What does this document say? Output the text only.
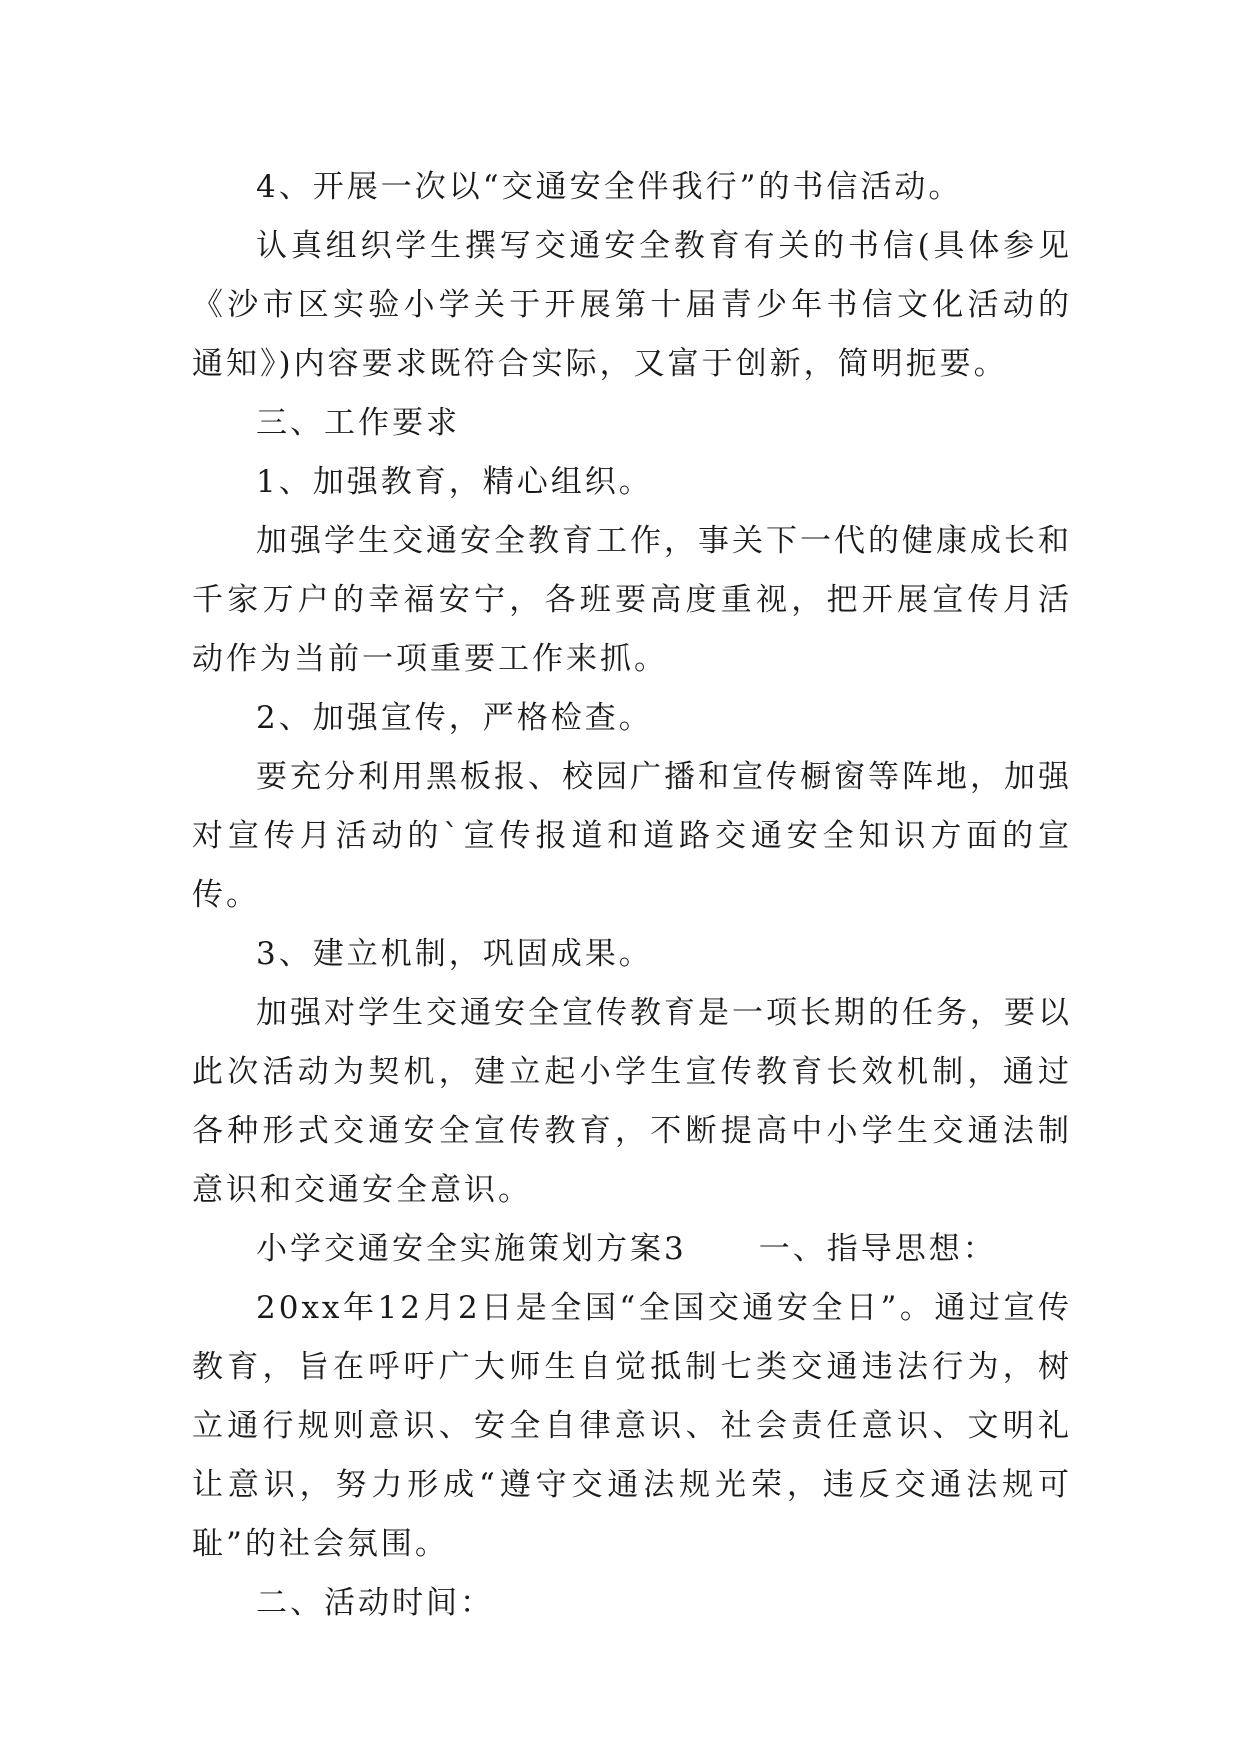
4、开展一次以“交通安全伴我行”的书信活动。

认真组织学生撰写交通安全教育有关的书信(具体参见《沙市区实验小学关于开展第十届青少年书信文化活动的通知》)内容要求既符合实际，又富于创新，简明扼要。

三、工作要求

1、加强教育，精心组织。

加强学生交通安全教育工作，事关下一代的健康成长和千家万户的幸福安宁，各班要高度重视，把开展宣传月活动作为当前一项重要工作来抓。

2、加强宣传，严格检查。

要充分利用黑板报、校园广播和宣传橱窗等阵地，加强对宣传月活动的`宣传报道和道路交通安全知识方面的宣传。

3、建立机制，巩固成果。

加强对学生交通安全宣传教育是一项长期的任务，要以此次活动为契机，建立起小学生宣传教育长效机制，通过各种形式交通安全宣传教育，不断提高中小学生交通法制意识和交通安全意识。

小学交通安全实施策划方案3 一、指导思想：

20xx年12月2日是全国“全国交通安全日”。通过宣传教育，旨在呼吁广大师生自觉抵制七类交通违法行为，树立通行规则意识、安全自律意识、社会责任意识、文明礼让意识，努力形成“遵守交通法规光荣，违反交通法规可耻”的社会氛围。

二、活动时间：
